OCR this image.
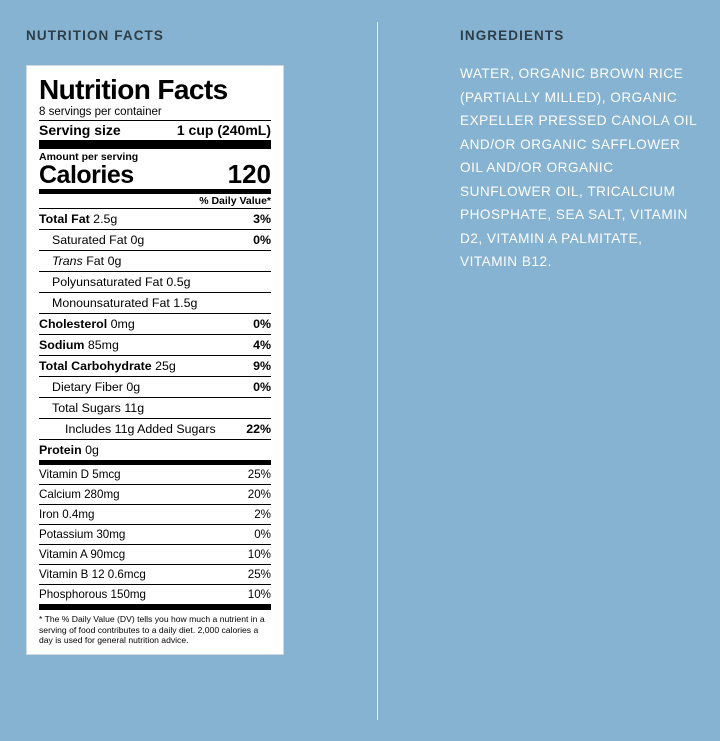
NUTRITION FACTS
Nutrition Facts
8 servings per container
Serving size	1 cup (240mL)
Amount per serving
Calories	120
% Daily Value*
Total Fat 2.5g	3%
Saturated Fat 0g	0%
Trans Fat 0g
Polyunsaturated Fat 0.5g
Monounsaturated Fat 1.5g
Cholesterol 0mg	0%
Sodium 85mg	4%
Total Carbohydrate 25g	9%
Dietary Fiber 0g	0%
Total Sugars 11g
Includes 11g Added Sugars	22%
Protein 0g
Vitamin D 5mcg	25%
Calcium 280mg	20%
Iron 0.4mg	2%
Potassium 30mg	0%
Vitamin A 90mcg	10%
Vitamin B 12 0.6mcg	25%
Phosphorous 150mg	10%
* The % Daily Value (DV) tells you how much a nutrient in a serving of food contributes to a daily diet. 2,000 calories a day is used for general nutrition advice.
INGREDIENTS
WATER, ORGANIC BROWN RICE (PARTIALLY MILLED), ORGANIC EXPELLER PRESSED CANOLA OIL AND/OR ORGANIC SAFFLOWER OIL AND/OR ORGANIC SUNFLOWER OIL, TRICALCIUM PHOSPHATE, SEA SALT, VITAMIN D2, VITAMIN A PALMITATE, VITAMIN B12.
